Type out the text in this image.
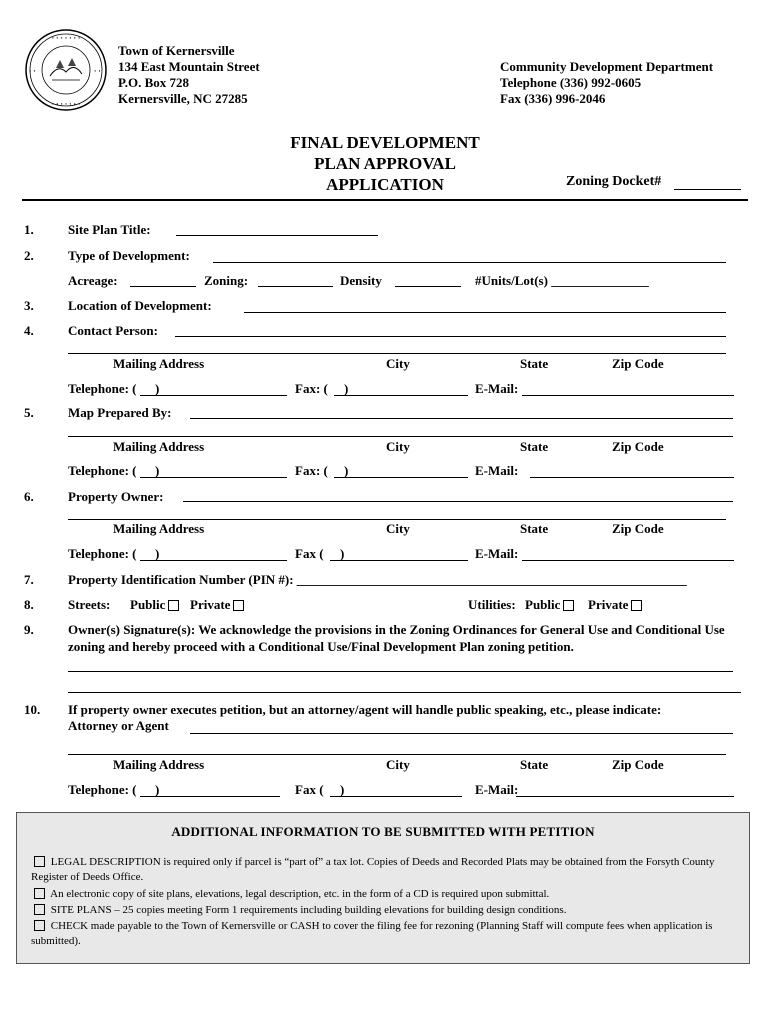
· · · · · · ·
· · · · · · ·
· ·	· ·
Town of Kernersville
134 East Mountain Street
P.O. Box 728
Kernersville, NC 27285
Community Development Department
Telephone (336) 992-0605
Fax (336) 996-2046
FINAL DEVELOPMENT
PLAN APPROVAL
APPLICATION	Zoning Docket#
1.	Site Plan Title:
2.	Type of Development:
Acreage:	Zoning:	Density	#Units/Lot(s) _______________
3.	Location of Development:
4.	Contact Person:
Mailing Address	City	State	Zip Code
Telephone: ( )	Fax: ( )	E-Mail:
5.	Map Prepared By:
Mailing Address	City	State	Zip Code
Telephone: ( )	Fax: ( )	E-Mail:
6.	Property Owner:
Mailing Address	City	State	Zip Code
Telephone: ( )	Fax ( )	E-Mail:
7.	Property Identification Number (PIN #): ____________________________________________________________
8.	Streets: Public	Private	Utilities: Public	Private
9.	Owner(s) Signature(s): We acknowledge the provisions in the Zoning Ordinances for General Use and Conditional Use
zoning and hereby proceed with a Conditional Use/Final Development Plan zoning petition.
10. If property owner executes petition, but an attorney/agent will handle public speaking, etc., please indicate:
Attorney or Agent
Mailing Address	City	State	Zip Code
Telephone: ( )	Fax ( )	E-Mail:
ADDITIONAL INFORMATION TO BE SUBMITTED WITH PETITION
LEGAL DESCRIPTION is required only if parcel is “part of” a tax lot. Copies of Deeds and Recorded Plats may be obtained from the Forsyth County Register of Deeds Office.
An electronic copy of site plans, elevations, legal description, etc. in the form of a CD is required upon submittal.
SITE PLANS – 25 copies meeting Form 1 requirements including building elevations for building design conditions.
CHECK made payable to the Town of Kernersville or CASH to cover the filing fee for rezoning (Planning Staff will compute fees when application is submitted).
